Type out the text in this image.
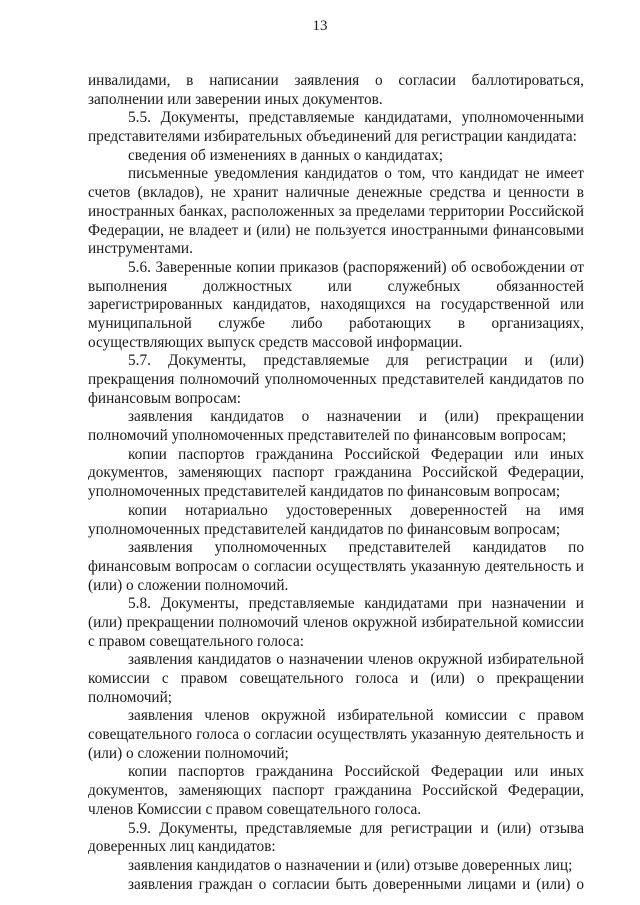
13
инвалидами, в написании заявления о согласии баллотироваться,
заполнении или заверении иных документов.
5.5. Документы, представляемые кандидатами, уполномоченными
представителями избирательных объединений для регистрации кандидата:
сведения об изменениях в данных о кандидатах;
письменные уведомления кандидатов о том, что кандидат не имеет
счетов (вкладов), не хранит наличные денежные средства и ценности в
иностранных банках, расположенных за пределами территории Российской
Федерации, не владеет и (или) не пользуется иностранными финансовыми
инструментами.
5.6. Заверенные копии приказов (распоряжений) об освобождении от
выполнения должностных или служебных обязанностей
зарегистрированных кандидатов, находящихся на государственной или
муниципальной службе либо работающих в организациях,
осуществляющих выпуск средств массовой информации.
5.7. Документы, представляемые для регистрации и (или)
прекращения полномочий уполномоченных представителей кандидатов по
финансовым вопросам:
заявления кандидатов о назначении и (или) прекращении
полномочий уполномоченных представителей по финансовым вопросам;
копии паспортов гражданина Российской Федерации или иных
документов, заменяющих паспорт гражданина Российской Федерации,
уполномоченных представителей кандидатов по финансовым вопросам;
копии нотариально удостоверенных доверенностей на имя
уполномоченных представителей кандидатов по финансовым вопросам;
заявления уполномоченных представителей кандидатов по
финансовым вопросам о согласии осуществлять указанную деятельность и
(или) о сложении полномочий.
5.8. Документы, представляемые кандидатами при назначении и
(или) прекращении полномочий членов окружной избирательной комиссии
с правом совещательного голоса:
заявления кандидатов о назначении членов окружной избирательной
комиссии с правом совещательного голоса и (или) о прекращении
полномочий;
заявления членов окружной избирательной комиссии с правом
совещательного голоса о согласии осуществлять указанную деятельность и
(или) о сложении полномочий;
копии паспортов гражданина Российской Федерации или иных
документов, заменяющих паспорт гражданина Российской Федерации,
членов Комиссии с правом совещательного голоса.
5.9. Документы, представляемые для регистрации и (или) отзыва
доверенных лиц кандидатов:
заявления кандидатов о назначении и (или) отзыве доверенных лиц;
заявления граждан о согласии быть доверенными лицами и (или) о
